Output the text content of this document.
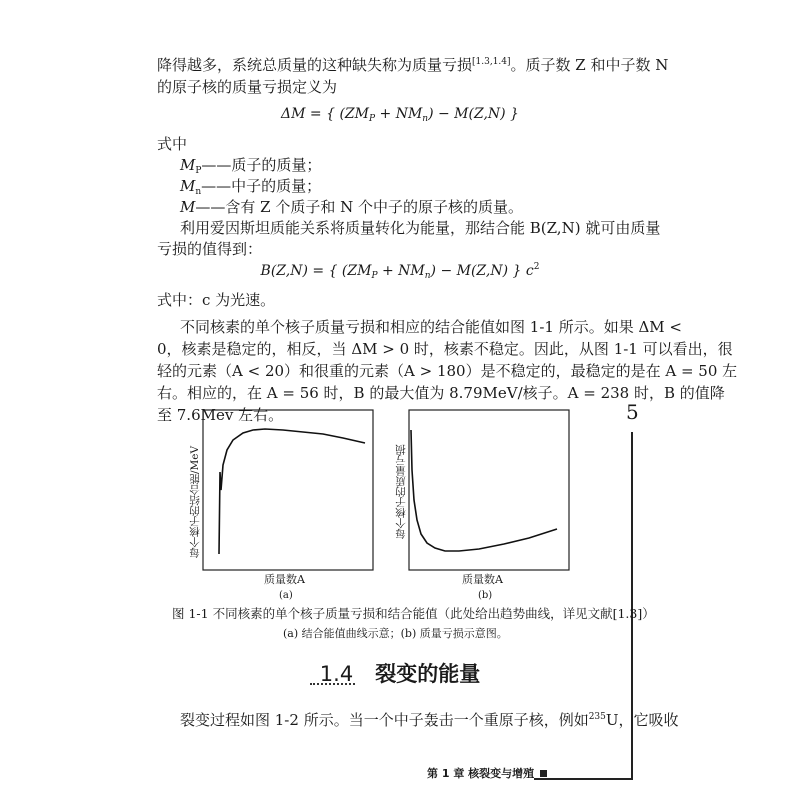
降得越多，系统总质量的这种缺失称为质量亏损[1.3,1.4]。质子数 Z 和中子数 N
的原子核的质量亏损定义为
ΔM = { $(ZM_P + NM_n) - M(Z,N)$ }
式中
$M_P——$质子的质量；
$M_n——$中子的质量；
M——含有 Z 个质子和 N 个中子的原子核的质量。
利用爱因斯坦质能关系将质量转化为能量，那结合能 B(Z,N) 就可由质量
亏损的值得到：
B(Z,N) = { $(ZM_P + NM_n) - M(Z,N)$ } $c^2$
式中：c 为光速。
不同核素的单个核子质量亏损和相应的结合能值如图 1-1 所示。如果 ΔM <
0，核素是稳定的，相反，当 ΔM > 0 时，核素不稳定。因此，从图 1-1 可以看出，很
轻的元素（A < 20）和很重的元素（A > 180）是不稳定的，最稳定的是在 A = 50 左
右。相应的，在 A = 56 时，B 的最大值为 8.79MeV/核子。A = 238 时，B 的值降
至 7.6Mev 左右。	5
每个核子的结合能/MeV
质量数A
(a)
每个核子的质量亏损
质量数A
(b)
图 1-1 不同核素的单个核子质量亏损和结合能值（此处给出趋势曲线，详见文献[1.3]）
(a) 结合能值曲线示意；(b) 质量亏损示意图。
1.4 裂变的能量
裂变过程如图 1-2 所示。当一个中子轰击一个重原子核，例如$^{235}$U，它吸收
第 1 章 核裂变与增殖
